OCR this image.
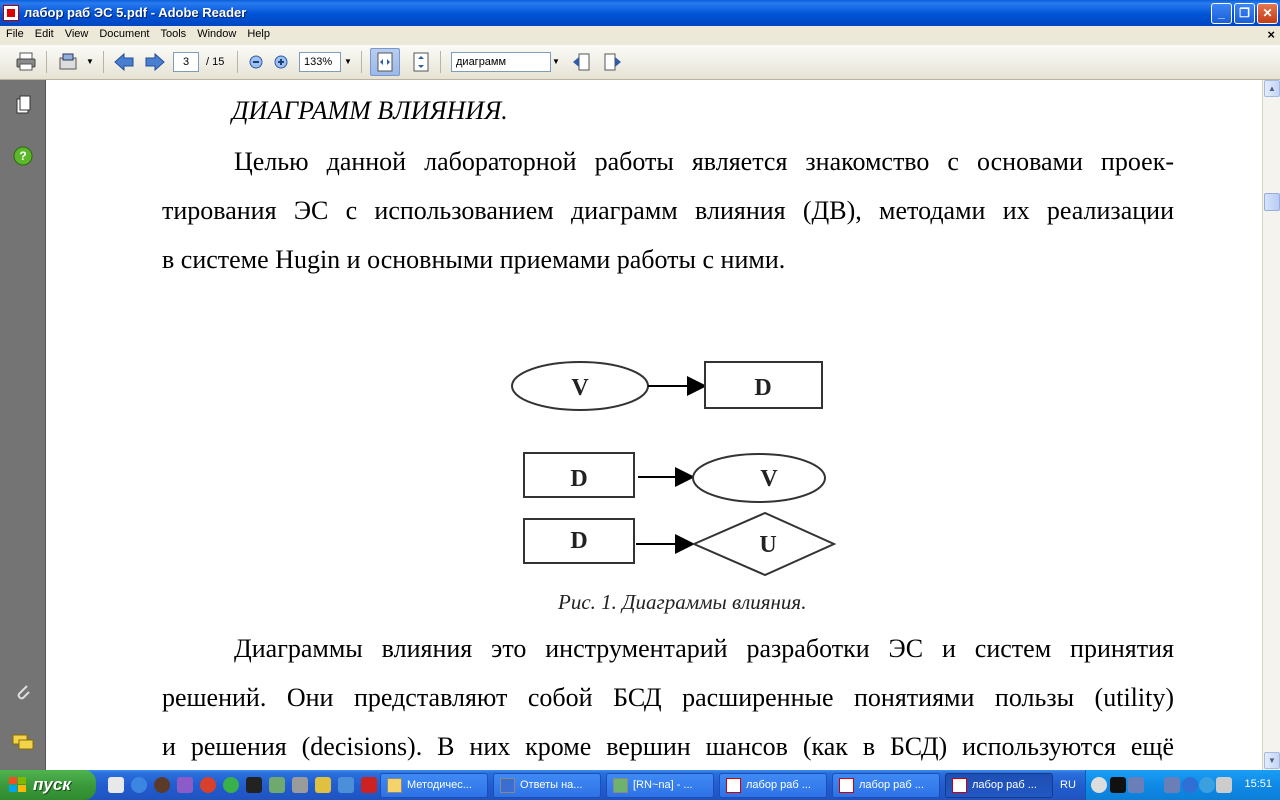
лабор раб ЭС 5.pdf - Adobe Reader	_	❐	✕
File Edit View Document Tools Window Help	×
▼	3	/ 15	133%	▼	диаграмм	▼
?
ДИАГРАММ ВЛИЯНИЯ.
Целью данной лабораторной работы является знакомство с основами проек-
тирования ЭС с использованием диаграмм влияния (ДВ), методами их реализации
в системе Hugin и основными приемами работы с ними.
V	D
D	V
D	U
Рис. 1. Диаграммы влияния.
Диаграммы влияния это инструментарий разработки ЭС и систем принятия
решений. Они представляют собой БСД расширенные понятиями пользы (utility)
и решения (decisions). В них кроме вершин шансов (как в БСД) используются ещё
▲
▼
пуск	Методичес...	Ответы на...	[RN~na] - ...	лабор раб ...	лабор раб ...	лабор раб ...	RU	15:51
